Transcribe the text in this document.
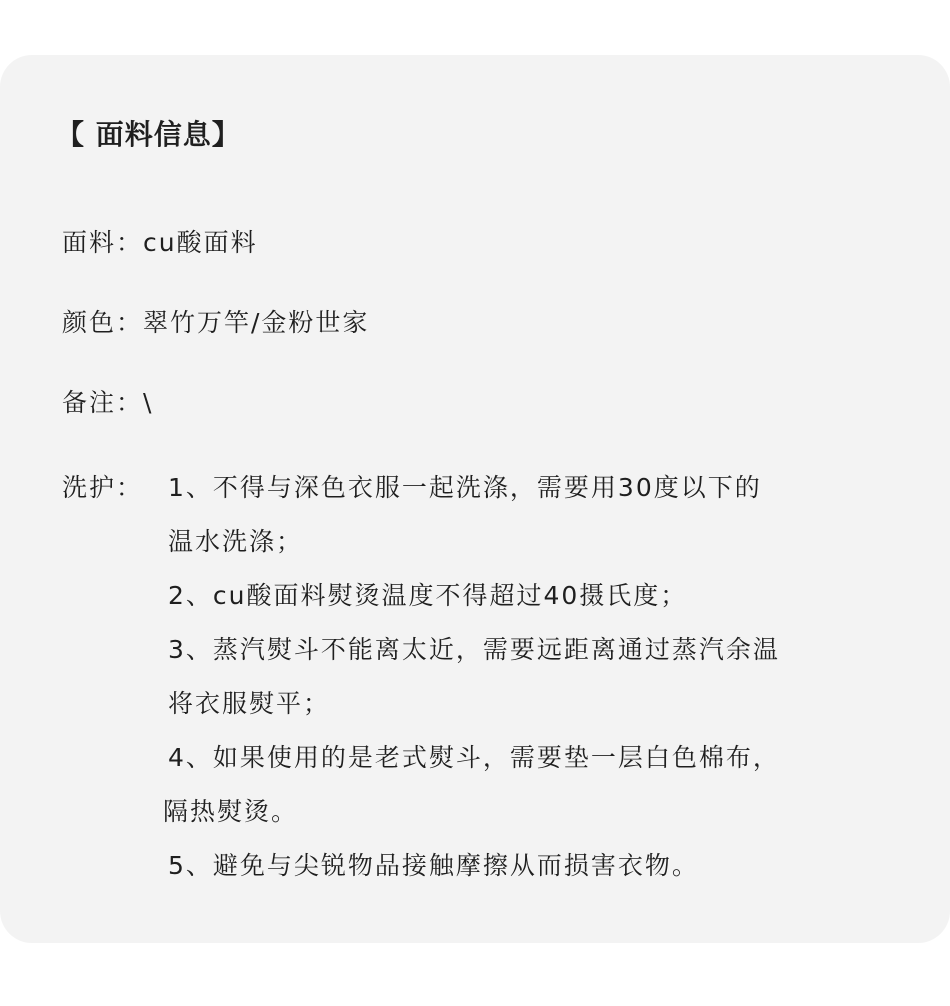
【 面料信息】
面料：cu酸面料
颜色：翠竹万竿/金粉世家
备注：\
洗护： 1、不得与深色衣服一起洗涤，需要用30度以下的
温水洗涤；
2、cu酸面料熨烫温度不得超过40摄氏度；
3、蒸汽熨斗不能离太近，需要远距离通过蒸汽余温
将衣服熨平；
4、如果使用的是老式熨斗，需要垫一层白色棉布，
隔热熨烫。
5、避免与尖锐物品接触摩擦从而损害衣物。
